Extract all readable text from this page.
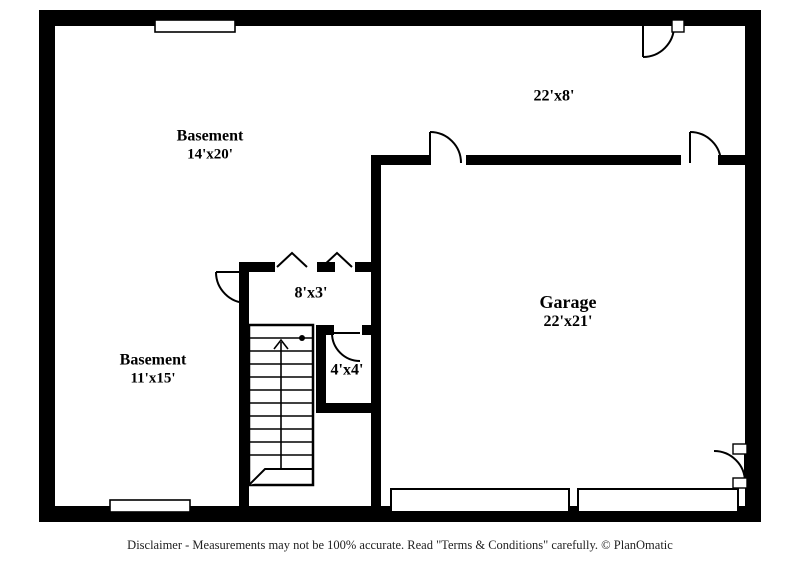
Basement
14'x20'
Basement
11'x15'
Garage
22'x21'
22'x8'
8'x3'
4'x4'
Disclaimer - Measurements may not be 100% accurate. Read "Terms & Conditions" carefully. © PlanOmatic
